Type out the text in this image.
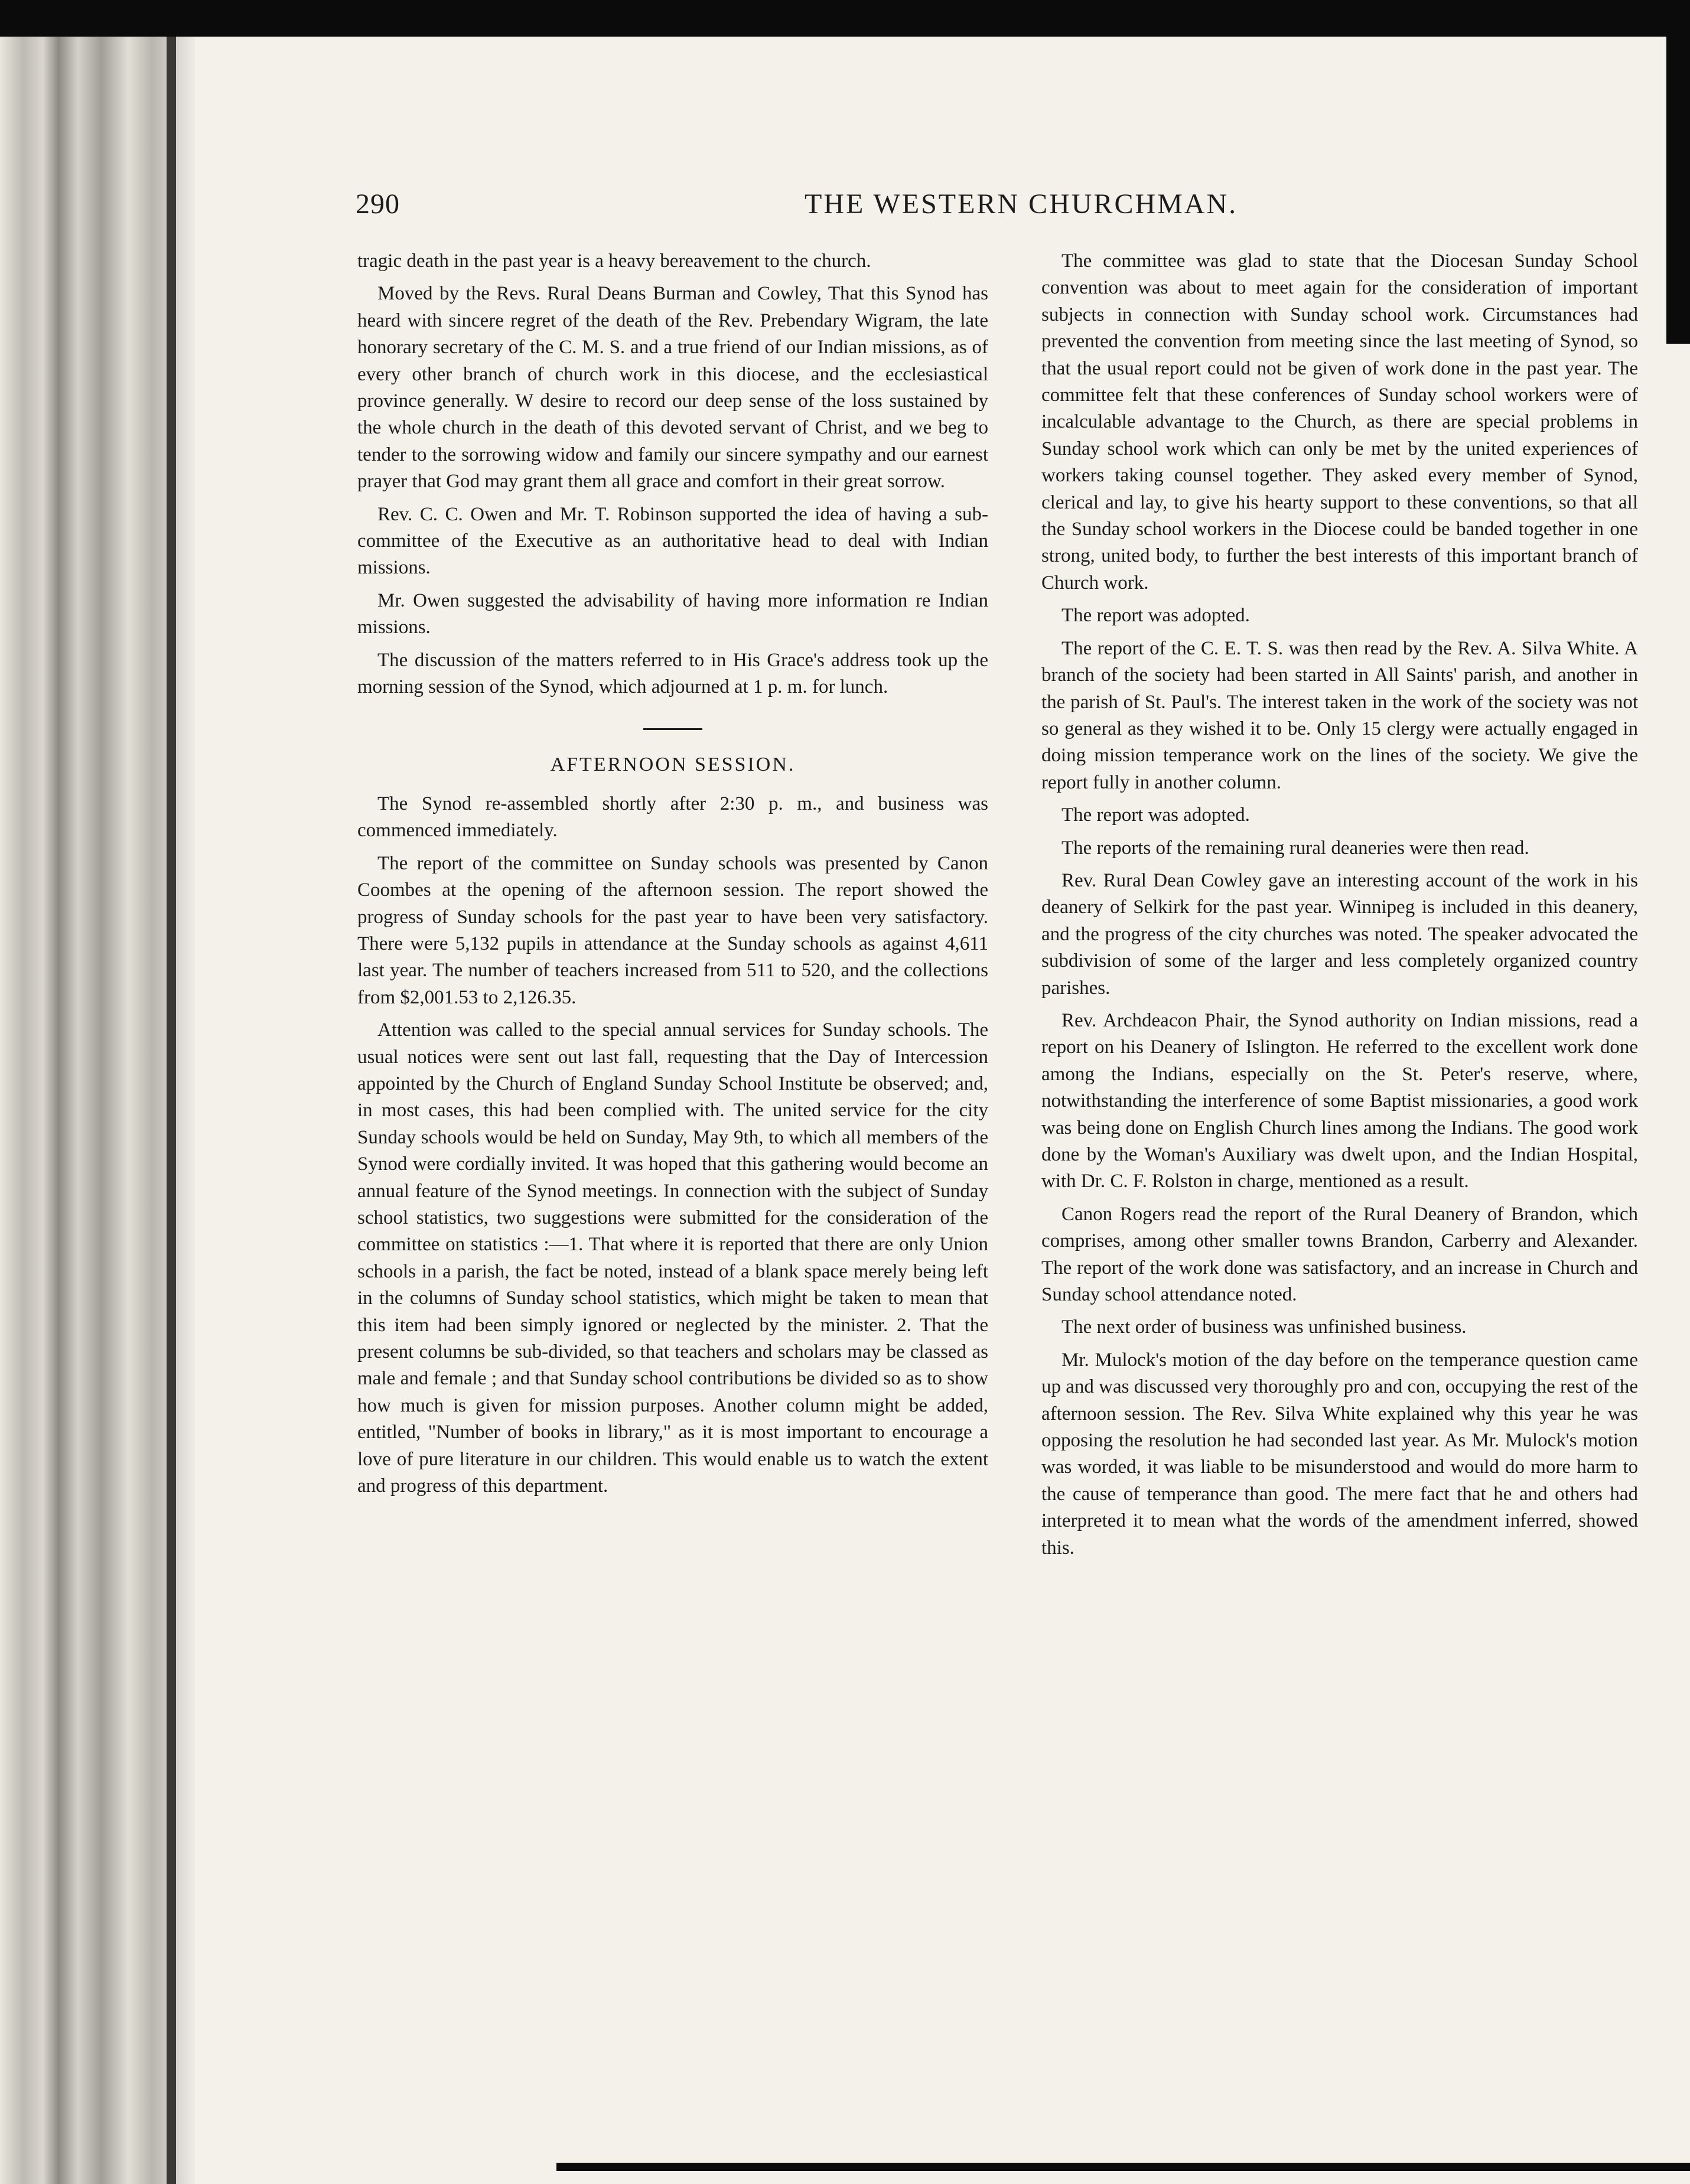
290	THE WESTERN CHURCHMAN.

tragic death in the past year is a heavy bereavement to the church.

Moved by the Revs. Rural Deans Burman and Cowley, That this Synod has heard with sincere regret of the death of the Rev. Prebendary Wigram, the late honorary secretary of the C. M. S. and a true friend of our Indian missions, as of every other branch of church work in this diocese, and the ecclesiastical province generally. W desire to record our deep sense of the loss sustained by the whole church in the death of this devoted servant of Christ, and we beg to tender to the sorrowing widow and family our sincere sympathy and our earnest prayer that God may grant them all grace and comfort in their great sorrow.

Rev. C. C. Owen and Mr. T. Robinson supported the idea of having a sub-committee of the Executive as an authoritative head to deal with Indian missions.

Mr. Owen suggested the advisability of having more information re Indian missions.

The discussion of the matters referred to in His Grace's address took up the morning session of the Synod, which adjourned at 1 p. m. for lunch.

AFTERNOON SESSION.

The Synod re-assembled shortly after 2:30 p. m., and business was commenced immediately.

The report of the committee on Sunday schools was presented by Canon Coombes at the opening of the afternoon session. The report showed the progress of Sunday schools for the past year to have been very satisfactory. There were 5,132 pupils in attendance at the Sunday schools as against 4,611 last year. The number of teachers increased from 511 to 520, and the collections from $2,001.53 to 2,126.35.

Attention was called to the special annual services for Sunday schools. The usual notices were sent out last fall, requesting that the Day of Intercession appointed by the Church of England Sunday School Institute be observed; and, in most cases, this had been complied with. The united service for the city Sunday schools would be held on Sunday, May 9th, to which all members of the Synod were cordially invited. It was hoped that this gathering would become an annual feature of the Synod meetings. In connection with the subject of Sunday school statistics, two suggestions were submitted for the consideration of the committee on statistics :—1. That where it is reported that there are only Union schools in a parish, the fact be noted, instead of a blank space merely being left in the columns of Sunday school statistics, which might be taken to mean that this item had been simply ignored or neglected by the minister. 2. That the present columns be sub-divided, so that teachers and scholars may be classed as male and female ; and that Sunday school contributions be divided so as to show how much is given for mission purposes. Another column might be added, entitled, "Number of books in library," as it is most important to encourage a love of pure literature in our children. This would enable us to watch the extent and progress of this department.

The committee was glad to state that the Diocesan Sunday School convention was about to meet again for the consideration of important subjects in connection with Sunday school work. Circumstances had prevented the convention from meeting since the last meeting of Synod, so that the usual report could not be given of work done in the past year. The committee felt that these conferences of Sunday school workers were of incalculable advantage to the Church, as there are special problems in Sunday school work which can only be met by the united experiences of workers taking counsel together. They asked every member of Synod, clerical and lay, to give his hearty support to these conventions, so that all the Sunday school workers in the Diocese could be banded together in one strong, united body, to further the best interests of this important branch of Church work.

The report was adopted.

The report of the C. E. T. S. was then read by the Rev. A. Silva White. A branch of the society had been started in All Saints' parish, and another in the parish of St. Paul's. The interest taken in the work of the society was not so general as they wished it to be. Only 15 clergy were actually engaged in doing mission temperance work on the lines of the society. We give the report fully in another column.

The report was adopted.

The reports of the remaining rural deaneries were then read.

Rev. Rural Dean Cowley gave an interesting account of the work in his deanery of Selkirk for the past year. Winnipeg is included in this deanery, and the progress of the city churches was noted. The speaker advocated the subdivision of some of the larger and less completely organized country parishes.

Rev. Archdeacon Phair, the Synod authority on Indian missions, read a report on his Deanery of Islington. He referred to the excellent work done among the Indians, especially on the St. Peter's reserve, where, notwithstanding the interference of some Baptist missionaries, a good work was being done on English Church lines among the Indians. The good work done by the Woman's Auxiliary was dwelt upon, and the Indian Hospital, with Dr. C. F. Rolston in charge, mentioned as a result.

Canon Rogers read the report of the Rural Deanery of Brandon, which comprises, among other smaller towns Brandon, Carberry and Alexander. The report of the work done was satisfactory, and an increase in Church and Sunday school attendance noted.

The next order of business was unfinished business.

Mr. Mulock's motion of the day before on the temperance question came up and was discussed very thoroughly pro and con, occupying the rest of the afternoon session. The Rev. Silva White explained why this year he was opposing the resolution he had seconded last year. As Mr. Mulock's motion was worded, it was liable to be misunderstood and would do more harm to the cause of temperance than good. The mere fact that he and others had interpreted it to mean what the words of the amendment inferred, showed this.
